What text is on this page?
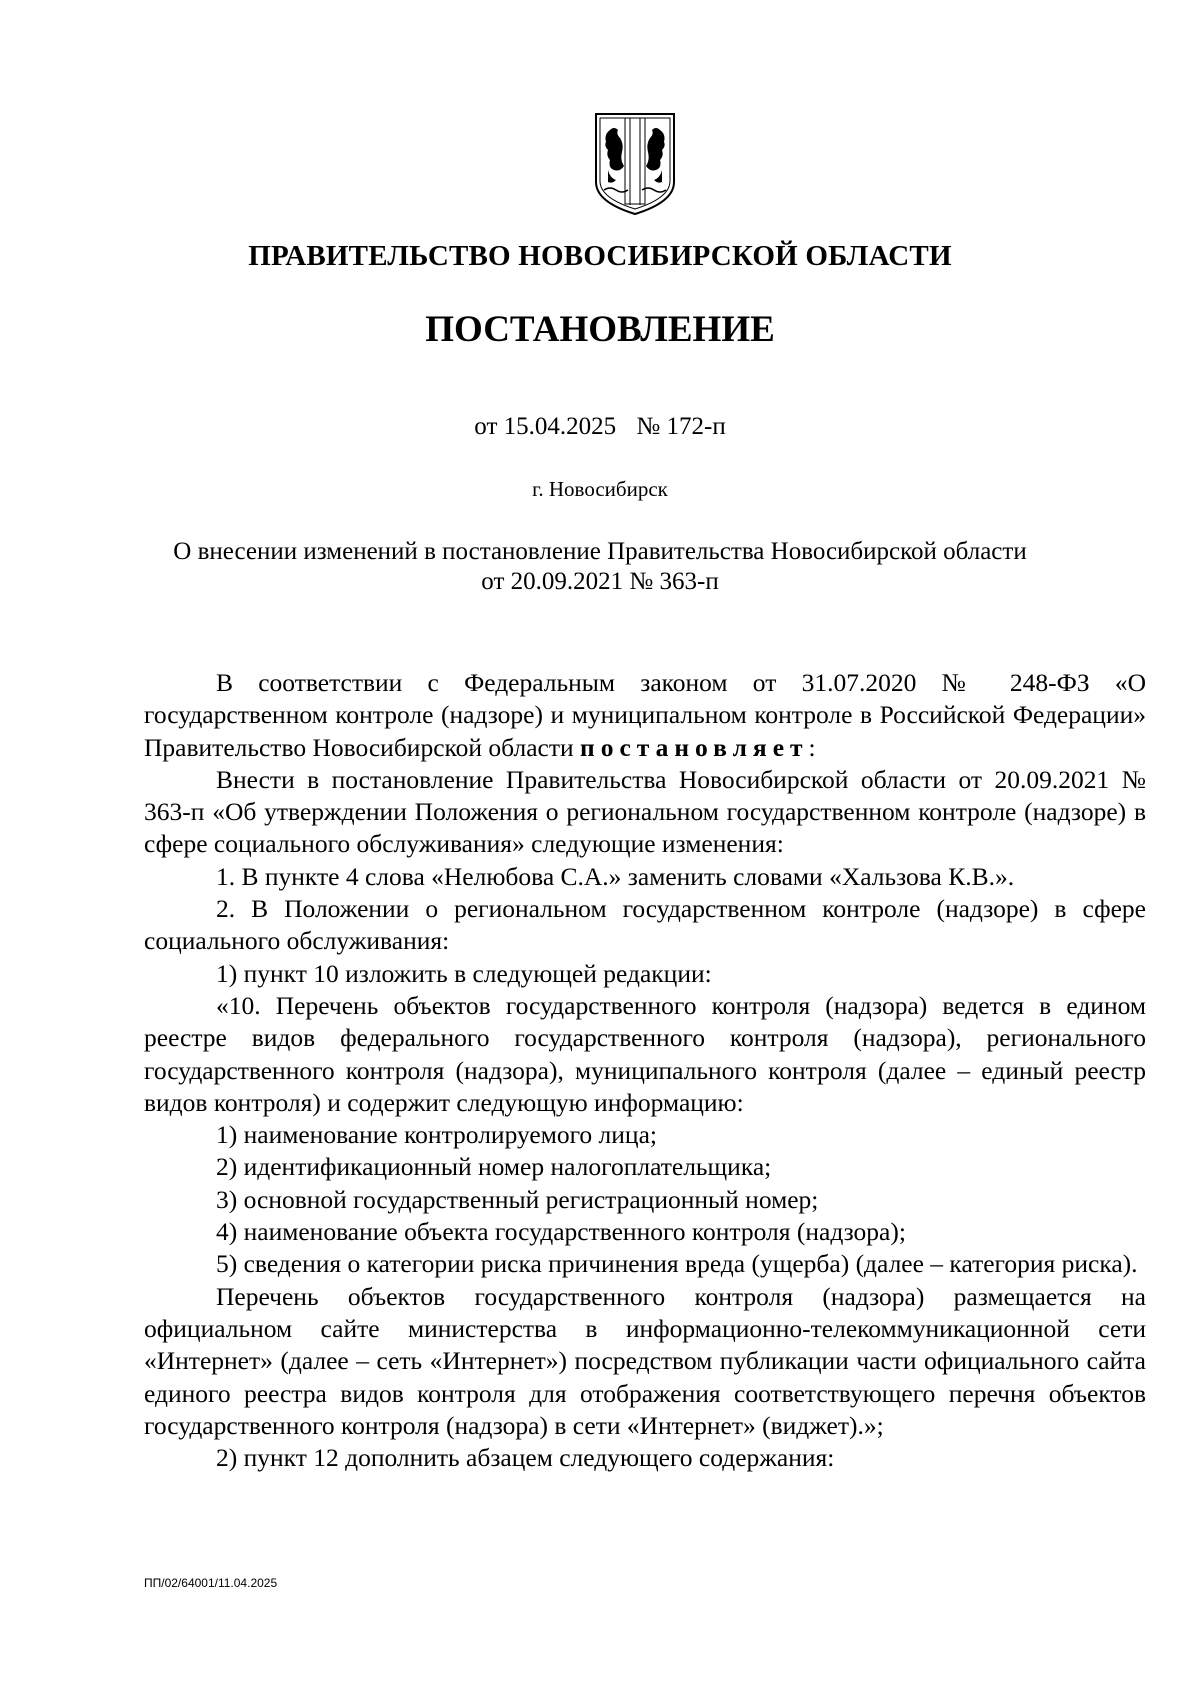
ПРАВИТЕЛЬСТВО НОВОСИБИРСКОЙ ОБЛАСТИ
ПОСТАНОВЛЕНИЕ
от 15.04.2025 № 172-п
г. Новосибирск
О внесении изменений в постановление Правительства Новосибирской области
от 20.09.2021 № 363-п

В соответствии с Федеральным законом от 31.07.2020 № 248-ФЗ «О государственном контроле (надзоре) и муниципальном контроле в Российской Федерации» Правительство Новосибирской области постановляет:

Внести в постановление Правительства Новосибирской области от 20.09.2021 № 363-п «Об утверждении Положения о региональном государственном контроле (надзоре) в сфере социального обслуживания» следующие изменения:

1. В пункте 4 слова «Нелюбова С.А.» заменить словами «Хальзова К.В.».

2. В Положении о региональном государственном контроле (надзоре) в сфере социального обслуживания:

1) пункт 10 изложить в следующей редакции:

«10. Перечень объектов государственного контроля (надзора) ведется в едином реестре видов федерального государственного контроля (надзора), регионального государственного контроля (надзора), муниципального контроля (далее – единый реестр видов контроля) и содержит следующую информацию:

1) наименование контролируемого лица;

2) идентификационный номер налогоплательщика;

3) основной государственный регистрационный номер;

4) наименование объекта государственного контроля (надзора);

5) сведения о категории риска причинения вреда (ущерба) (далее – категория риска).

Перечень объектов государственного контроля (надзора) размещается на официальном сайте министерства в информационно-телекоммуникационной сети «Интернет» (далее – сеть «Интернет») посредством публикации части официального сайта единого реестра видов контроля для отображения соответствующего перечня объектов государственного контроля (надзора) в сети «Интернет» (виджет).»;

2) пункт 12 дополнить абзацем следующего содержания:

ПП/02/64001/11.04.2025
